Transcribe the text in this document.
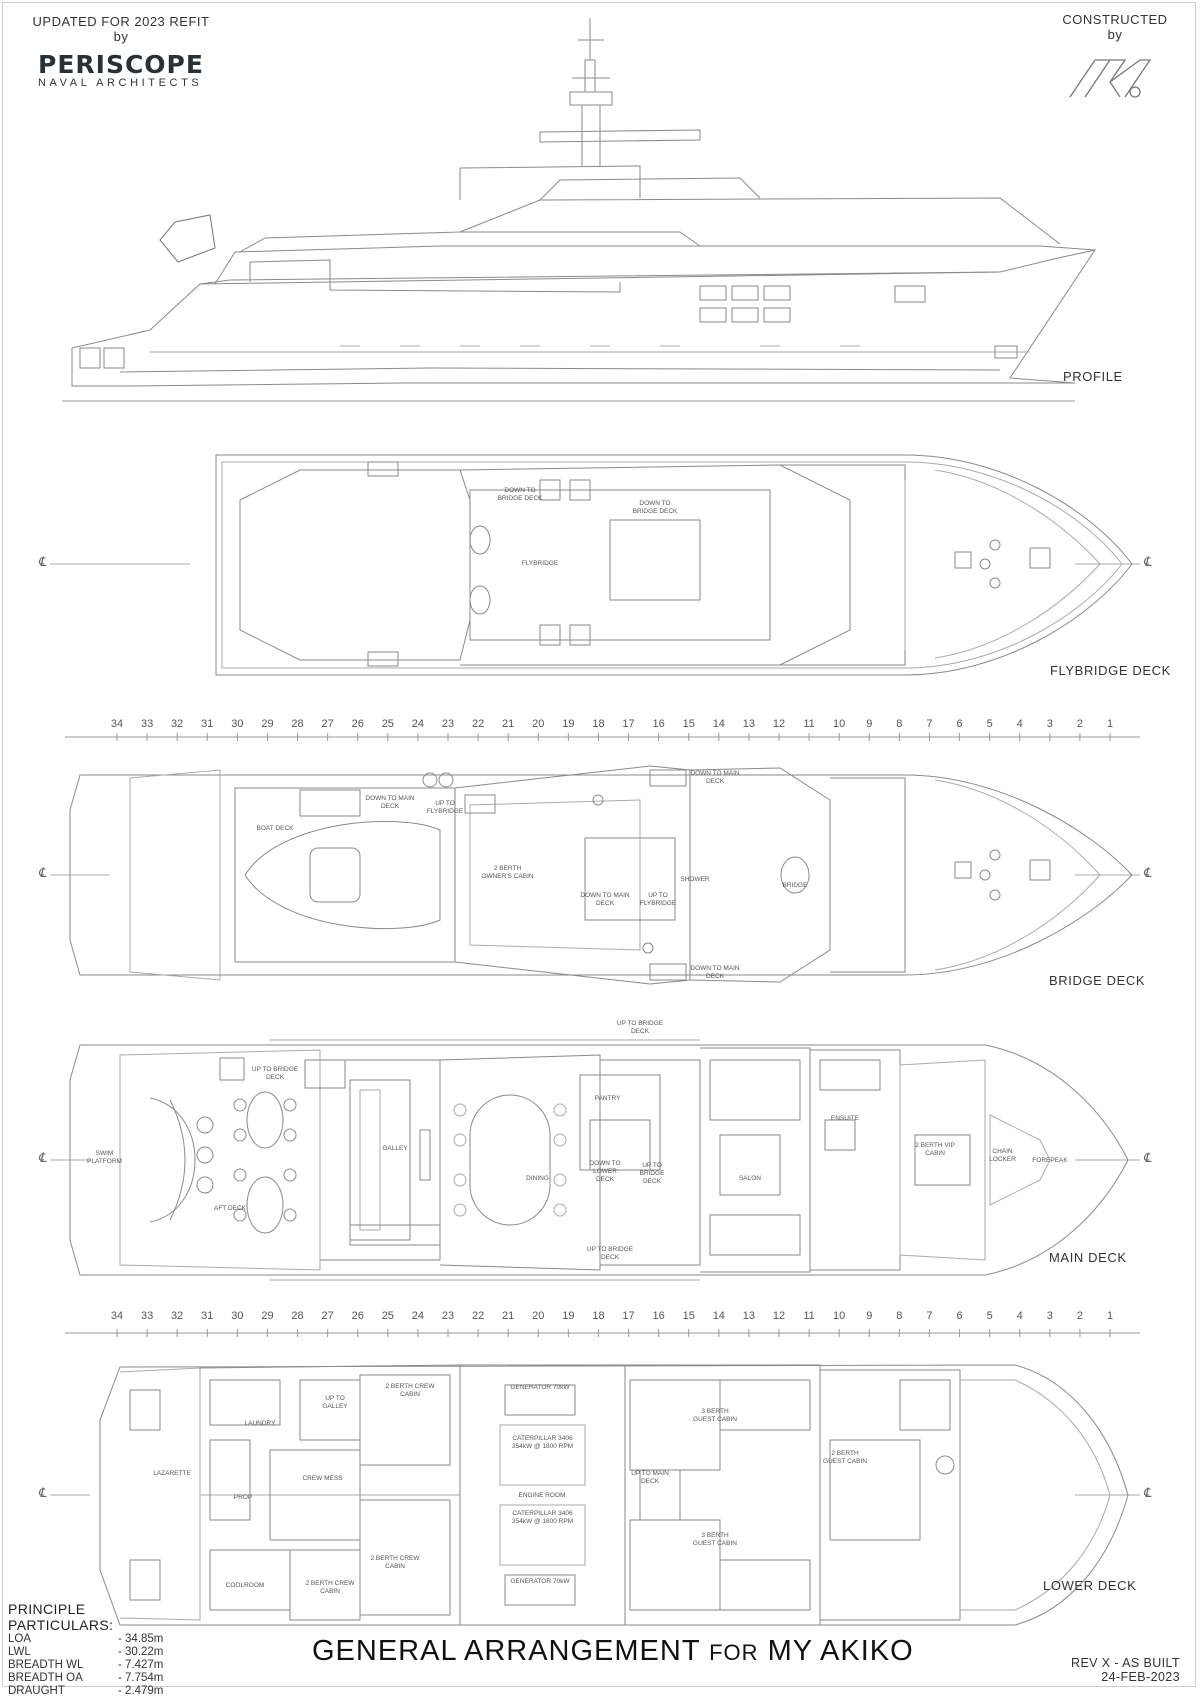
UPDATED FOR 2023 REFIT
by
PERISCOPE
NAVAL ARCHITECTS
CONSTRUCTED
by
PROFILE
FLYBRIDGE DECK
BRIDGE DECK
MAIN DECK
LOWER DECK
℄	℄
℄	℄
℄	℄
℄	℄
34 33 32 31 30 29 28 27 26 25 24 23 22 21 20 19 18 17 16 15 14 13 12 11 10	9	8	7	6	5	4	3	2	1
34 33 32 31 30 29 28 27 26 25 24 23 22 21 20 19 18 17 16 15 14 13 12 11 10	9	8	7	6	5	4	3	2	1
DOWN TO BRIDGE DECK
DOWN TO BRIDGE DECK
FLYBRIDGE
DOWN TO MAIN DECK	UP TO FLYBRIDGE
BOAT DECK
2 BERTH OWNER'S CABIN
DOWN TO MAIN DECK
DOWN TO MAIN DECK
UP TO FLYBRIDGE
SHOWER
BRIDGE
DOWN TO MAIN DECK
UP TO BRIDGE DECK
UP TO BRIDGE DECK
SWIM PLATFORM
AFT DECK
GALLEY
PANTRY
DINING
DOWN TO LOWER DECK
UP TO BRIDGE DECK	SALON
ENSUITE
2 BERTH VIP CABIN	CHAIN LOCKER	FOREPEAK
UP TO BRIDGE DECK
LAUNDRY
UP TO GALLEY
2 BERTH CREW CABIN
GENERATOR 70kW
CATERPILLAR 3406 354kW @ 1800 RPM
3 BERTH GUEST CABIN
LAZARETTE
CREW MESS
ENGINE ROOM
UP TO MAIN DECK
2 BERTH GUEST CABIN
PROP
COOLROOM	2 BERTH CREW CABIN
2 BERTH CREW CABIN
CATERPILLAR 3406 354kW @ 1800 RPM
GENERATOR 70kW
3 BERTH GUEST CABIN
GENERAL ARRANGEMENT FOR MY AKIKO
PRINCIPLE PARTICULARS:
LOA	- 34.85m
LWL	- 30.22m
BREADTH WL	- 7.427m
BREADTH OA	- 7.754m
DRAUGHT	- 2.479m
REV X - AS BUILT
24-FEB-2023
